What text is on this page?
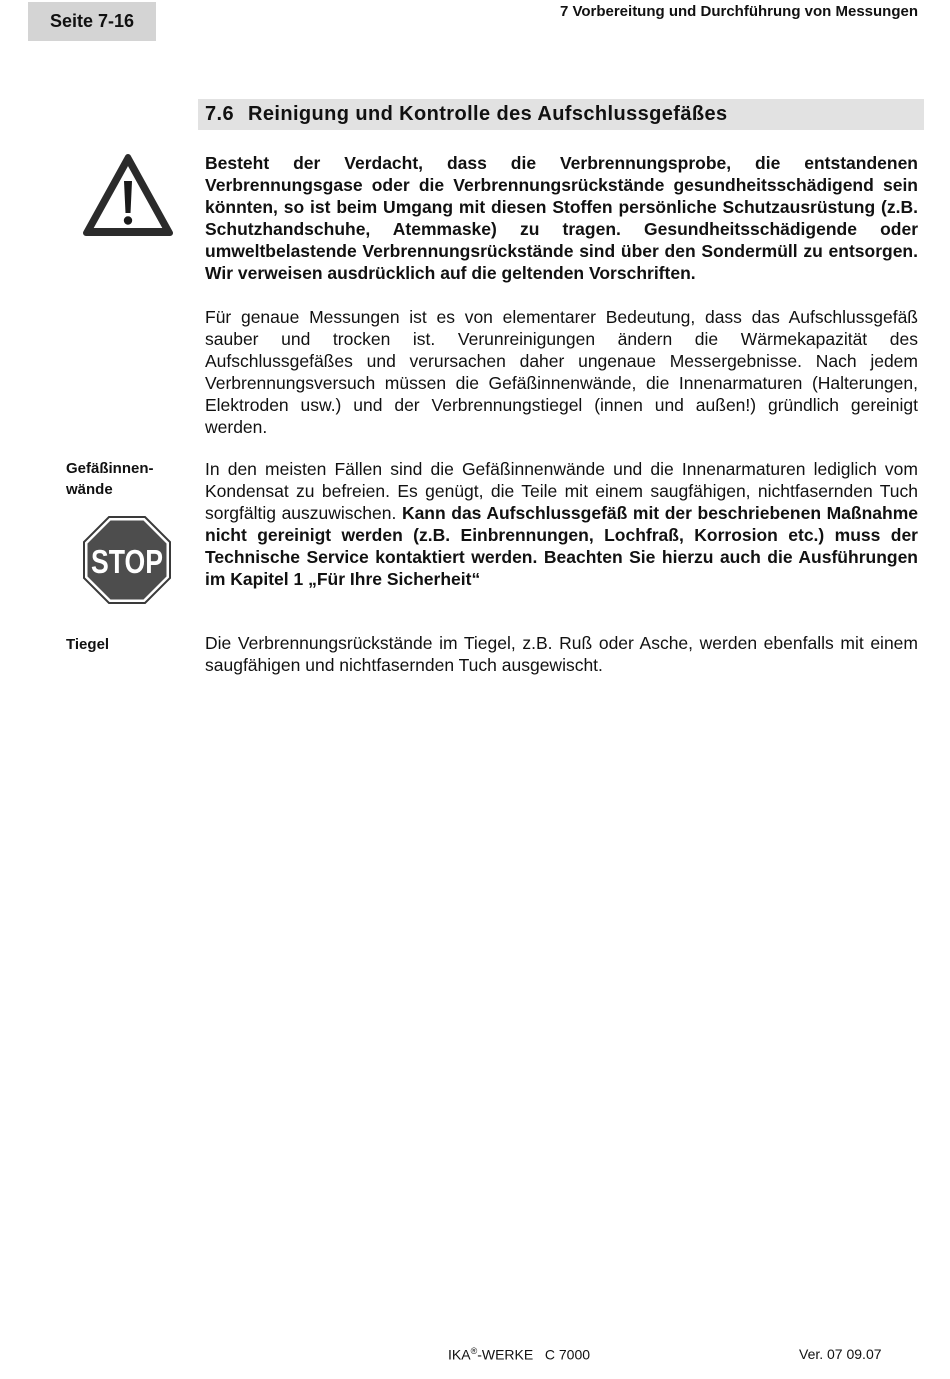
Seite 7-16	7 Vorbereitung und Durchführung von Messungen
7.6 Reinigung und Kontrolle des Aufschlussgefäßes

Besteht der Verdacht, dass die Verbrennungsprobe, die entstandenen Verbrennungsgase oder die Verbrennungsrückstände gesundheitsschädigend sein könnten, so ist beim Umgang mit diesen Stoffen persönliche Schutzausrüstung (z.B. Schutzhandschuhe, Atemmaske) zu tragen. Gesundheitsschädigende oder umweltbelastende Verbrennungsrückstände sind über den Sondermüll zu entsorgen. Wir verweisen ausdrücklich auf die geltenden Vorschriften.

Für genaue Messungen ist es von elementarer Bedeutung, dass das Aufschlussgefäß sauber und trocken ist. Verunreinigungen ändern die Wärmekapazität des Aufschlussgefäßes und verursachen daher ungenaue Messergebnisse. Nach jedem Verbrennungsversuch müssen die Gefäßinnenwände, die Innenarmaturen (Halterungen, Elektroden usw.) und der Verbrennungstiegel (innen und außen!) gründlich gereinigt werden.

Gefäßinnen-
wände
STOP

In den meisten Fällen sind die Gefäßinnenwände und die Innenarmaturen lediglich vom Kondensat zu befreien. Es genügt, die Teile mit einem saugfähigen, nichtfasernden Tuch sorgfältig auszuwischen. Kann das Aufschlussgefäß mit der beschriebenen Maßnahme nicht gereinigt werden (z.B. Einbrennungen, Lochfraß, Korrosion etc.) muss der Technische Service kontaktiert werden. Beachten Sie hierzu auch die Ausführungen im Kapitel 1 „Für Ihre Sicherheit“

Tiegel	Die Verbrennungsrückstände im Tiegel, z.B. Ruß oder Asche, werden ebenfalls mit einem saugfähigen und nichtfasernden Tuch ausgewischt.

IKA®-WERKE C 7000	Ver. 07 09.07
